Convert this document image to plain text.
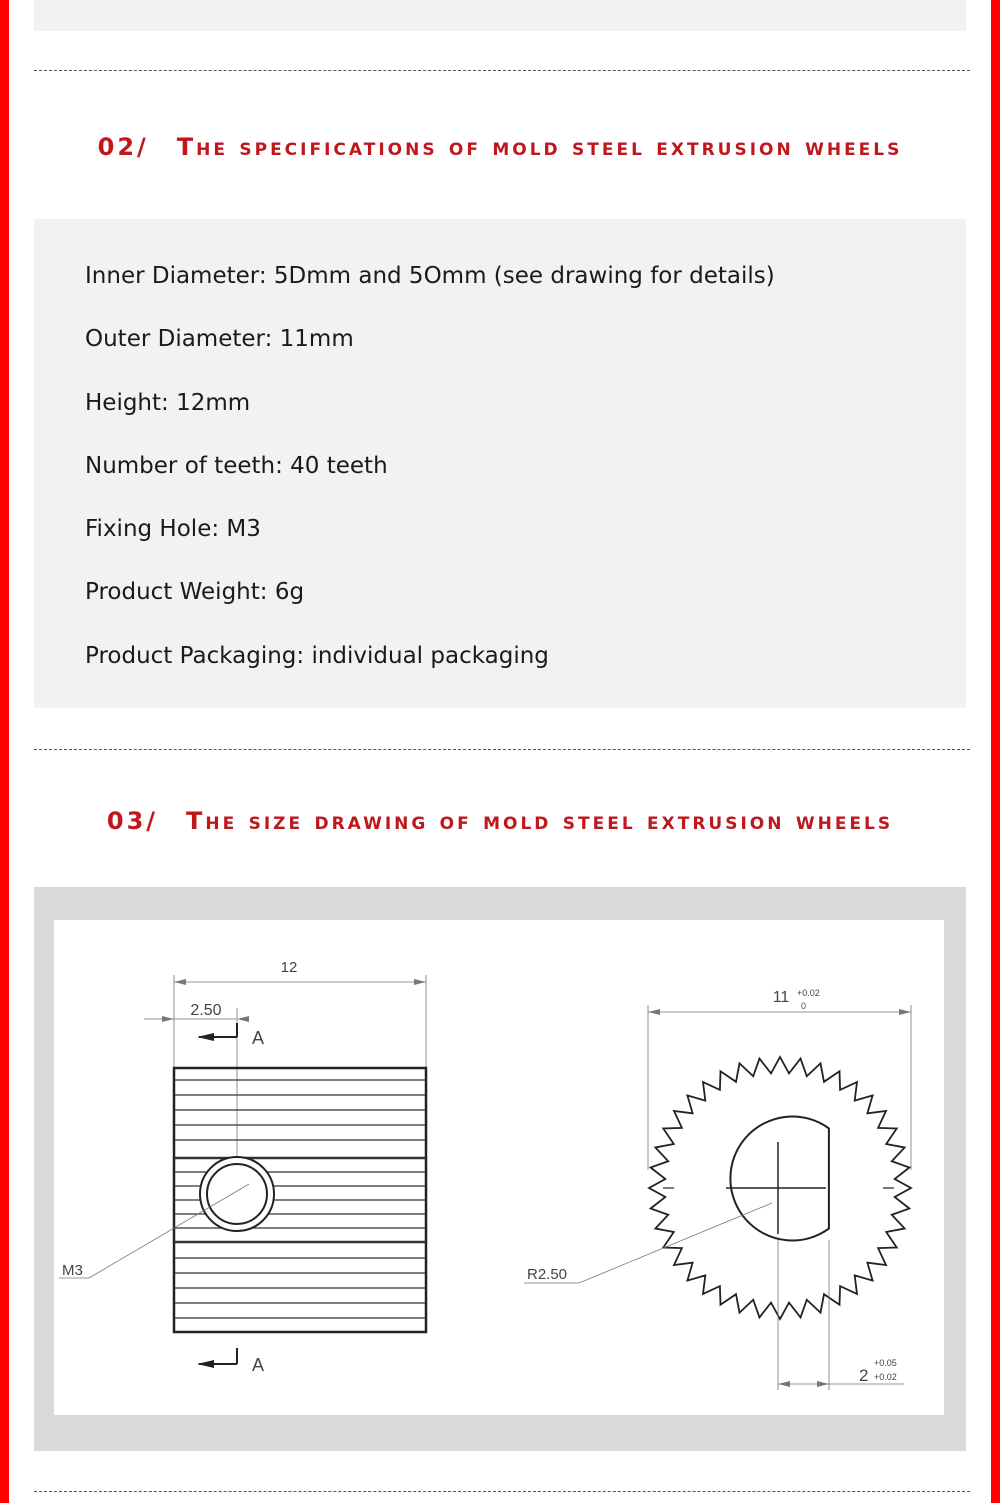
02/ The specifications of mold steel extrusion wheels
Inner Diameter: 5Dmm and 5Omm (see drawing for details)
Outer Diameter: 11mm
Height: 12mm
Number of teeth: 40 teeth
Fixing Hole: M3
Product Weight: 6g
Product Packaging: individual packaging
03/ The size drawing of mold steel extrusion wheels
12
2.50
A
A
M3
11 +0.02
0
R2.50
2
+0.05
+0.02
